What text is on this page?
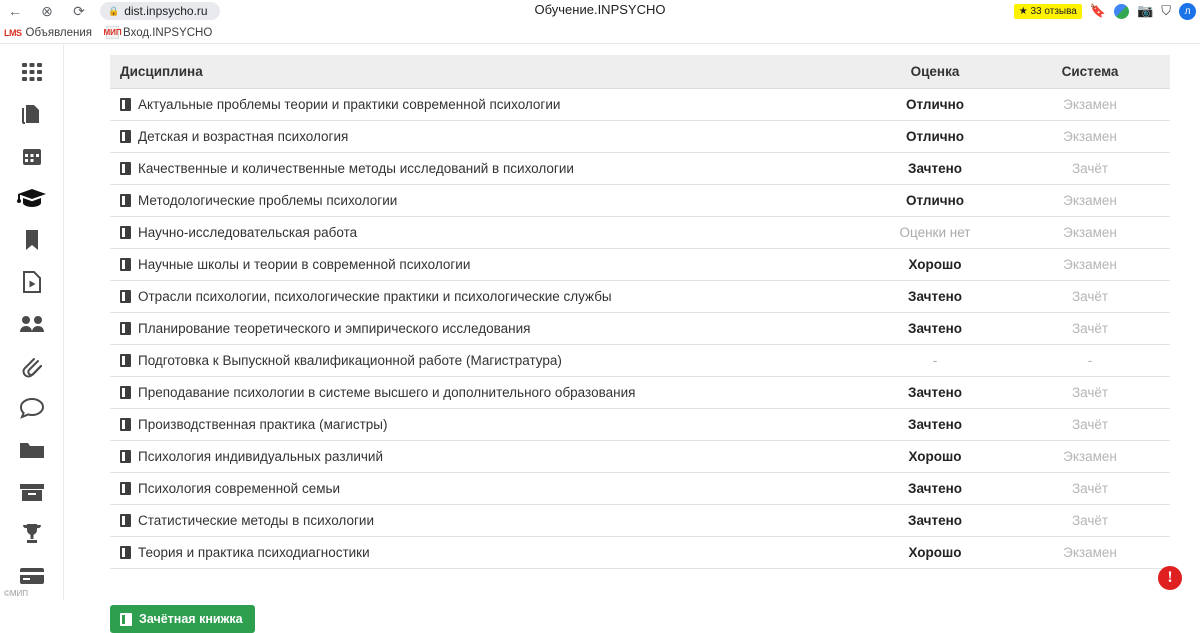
← ⊗ ⟳	🔒 dist.inpsycho.ru	Обучение.INPSYCHO	★ 33 отзыва	🔖 📷 ⛉	л
LMS Объявления МИП Вход.INPSYCHO
©МИП
Дисциплина	Оценка	Система
Актуальные проблемы теории и практики современной психологии	Отлично	Экзамен
Детская и возрастная психология	Отлично	Экзамен
Качественные и количественные методы исследований в психологии	Зачтено	Зачёт
Методологические проблемы психологии	Отлично	Экзамен
Научно-исследовательская работа	Оценки нет	Экзамен
Научные школы и теории в современной психологии	Хорошо	Экзамен
Отрасли психологии, психологические практики и психологические службы	Зачтено	Зачёт
Планирование теоретического и эмпирического исследования	Зачтено	Зачёт
Подготовка к Выпускной квалификационной работе (Магистратура)	-	-
Преподавание психологии в системе высшего и дополнительного образования	Зачтено	Зачёт
Производственная практика (магистры)	Зачтено	Зачёт
Психология индивидуальных различий	Хорошо	Экзамен
Психология современной семьи	Зачтено	Зачёт
Статистические методы в психологии	Зачтено	Зачёт
Теория и практика психодиагностики	Хорошо	Экзамен
Зачётная книжка
!
